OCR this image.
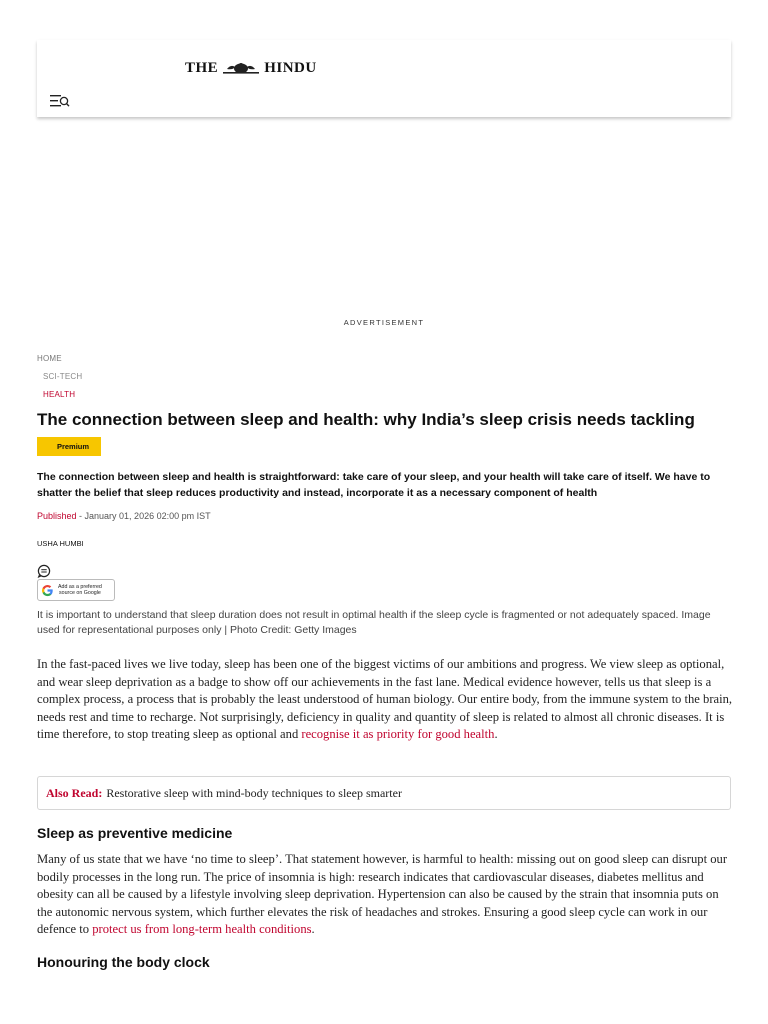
THE	HINDU
ADVERTISEMENT
HOME
SCI-TECH
HEALTH
The connection between sleep and health: why India’s sleep crisis needs tackling
Premium

The connection between sleep and health is straightforward: take care of your sleep, and your health will take care of itself. We have to shatter the belief that sleep reduces productivity and instead, incorporate it as a necessary component of health

Published - January 01, 2026 02:00 pm IST
USHA HUMBI
Add as a preferred
source on Google

It is important to understand that sleep duration does not result in optimal health if the sleep cycle is fragmented or not adequately spaced. Image used for representational purposes only | Photo Credit: Getty Images

In the fast-paced lives we live today, sleep has been one of the biggest victims of our ambitions and progress. We view sleep as optional, and wear sleep deprivation as a badge to show off our achievements in the fast lane. Medical evidence however, tells us that sleep is a complex process, a process that is probably the least understood of human biology. Our entire body, from the immune system to the brain, needs rest and time to recharge. Not surprisingly, deficiency in quality and quantity of sleep is related to almost all chronic diseases. It is time therefore, to stop treating sleep as optional and recognise it as priority for good health.

Also Read: Restorative sleep with mind-body techniques to sleep smarter
Sleep as preventive medicine

Many of us state that we have ‘no time to sleep’. That statement however, is harmful to health: missing out on good sleep can disrupt our bodily processes in the long run. The price of insomnia is high: research indicates that cardiovascular diseases, diabetes mellitus and obesity can all be caused by a lifestyle involving sleep deprivation. Hypertension can also be caused by the strain that insomnia puts on the autonomic nervous system, which further elevates the risk of headaches and strokes. Ensuring a good sleep cycle can work in our defence to protect us from long-term health conditions.

Honouring the body clock
